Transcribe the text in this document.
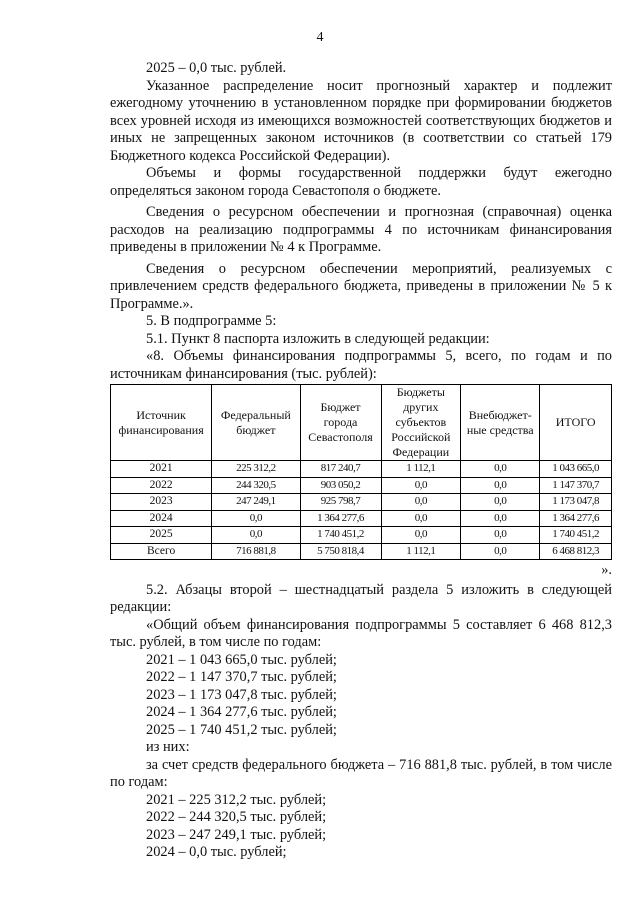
4

2025 – 0,0 тыс. рублей.

Указанное распределение носит прогнозный характер и подлежит ежегодному уточнению в установленном порядке при формировании бюджетов всех уровней исходя из имеющихся возможностей соответствующих бюджетов и иных не запрещенных законом источников (в соответствии со статьей 179 Бюджетного кодекса Российской Федерации).

Объемы и формы государственной поддержки будут ежегодно определяться законом города Севастополя о бюджете.

Сведения о ресурсном обеспечении и прогнозная (справочная) оценка расходов на реализацию подпрограммы 4 по источникам финансирования приведены в приложении № 4 к Программе.

Сведения о ресурсном обеспечении мероприятий, реализуемых с привлечением средств федерального бюджета, приведены в приложении № 5 к Программе.».

5. В подпрограмме 5:

5.1. Пункт 8 паспорта изложить в следующей редакции:

«8. Объемы финансирования подпрограммы 5, всего, по годам и по источникам финансирования (тыс. рублей):

Источник финансирования	Федеральный бюджет	Бюджет города Севастополя	Бюджеты других субъектов Российской Федерации	Внебюджет-ные средства	ИТОГО
2021	225 312,2	817 240,7	1 112,1	0,0	1 043 665,0
2022	244 320,5	903 050,2	0,0	0,0	1 147 370,7
2023	247 249,1	925 798,7	0,0	0,0	1 173 047,8
2024	0,0	1 364 277,6	0,0	0,0	1 364 277,6
2025	0,0	1 740 451,2	0,0	0,0	1 740 451,2
Всего	716 881,8	5 750 818,4	1 112,1	0,0	6 468 812,3
».

5.2. Абзацы второй – шестнадцатый раздела 5 изложить в следующей редакции:

«Общий объем финансирования подпрограммы 5 составляет 6 468 812,3 тыс. рублей, в том числе по годам:

2021 – 1 043 665,0 тыс. рублей;

2022 – 1 147 370,7 тыс. рублей;

2023 – 1 173 047,8 тыс. рублей;

2024 – 1 364 277,6 тыс. рублей;

2025 – 1 740 451,2 тыс. рублей;

из них:

за счет средств федерального бюджета – 716 881,8 тыс. рублей, в том числе по годам:

2021 – 225 312,2 тыс. рублей;

2022 – 244 320,5 тыс. рублей;

2023 – 247 249,1 тыс. рублей;

2024 – 0,0 тыс. рублей;
